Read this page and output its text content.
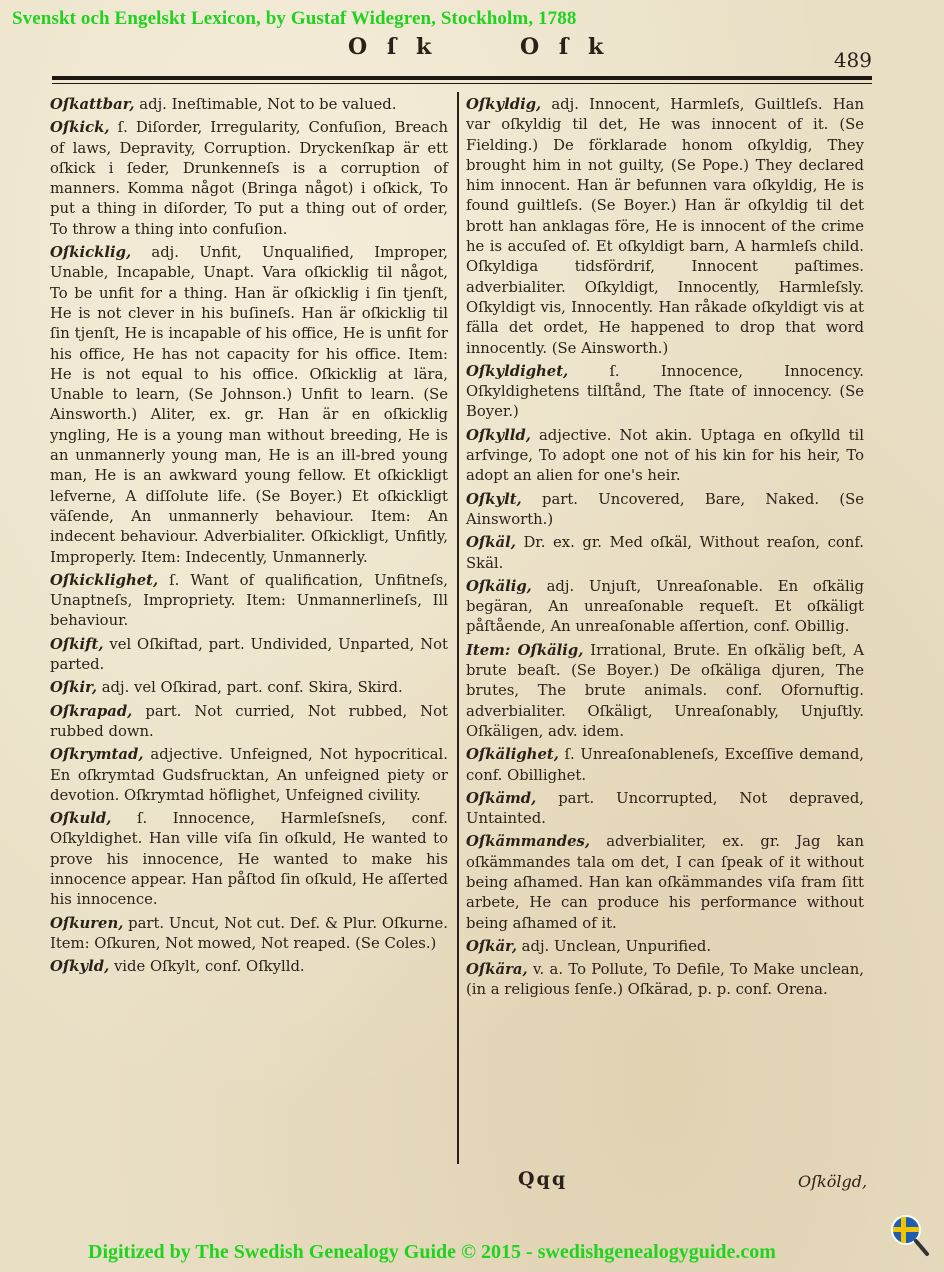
Svenskt och Engelskt Lexicon, by Gustaf Widegren, Stockholm, 1788
O ſ k	O ſ k	489

Oſkattbar, adj. Ineſtimable, Not to be valued.

Oſkick, ſ. Diſorder, Irregularity, Confuſion, Breach of laws, Depravity, Corruption. Dryckenſkap är ett oſkick i ſeder, Drunkenneſs is a corruption of manners. Komma något (Bringa något) i oſkick, To put a thing in diſorder, To put a thing out of order, To throw a thing into confuſion.

Oſkicklig, adj. Unfit, Unqualified, Improper, Unable, Incapable, Unapt. Vara oſkicklig til något, To be unfit for a thing. Han är oſkicklig i ſin tjenſt, He is not clever in his buſineſs. Han är oſkicklig til ſin tjenſt, He is incapable of his office, He is unfit for his office, He has not capacity for his office. Item: He is not equal to his office. Oſkicklig at lära, Unable to learn, (Se Johnson.) Unfit to learn. (Se Ainsworth.) Aliter, ex. gr. Han är en oſkicklig yngling, He is a young man without breeding, He is an unmannerly young man, He is an ill-bred young man, He is an awkward young fellow. Et oſkickligt lefverne, A diſſolute life. (Se Boyer.) Et oſkickligt väſende, An unmannerly behaviour. Item: An indecent behaviour. Adverbialiter. Oſkickligt, Unfitly, Improperly. Item: Indecently, Unmannerly.

Oſkicklighet, ſ. Want of qualification, Unfitneſs, Unaptneſs, Impropriety. Item: Unmannerlineſs, Ill behaviour.

Oſkift, vel Oſkiftad, part. Undivided, Unparted, Not parted.

Oſkir, adj. vel Oſkirad, part. conf. Skira, Skird.

Oſkrapad, part. Not curried, Not rubbed, Not rubbed down.

Oſkrymtad, adjective. Unfeigned, Not hypocritical. En oſkrymtad Gudsfrucktan, An unfeigned piety or devotion. Oſkrymtad höflighet, Unfeigned civility.

Oſkuld, ſ. Innocence, Harmleſsneſs, conf. Oſkyldighet. Han ville viſa ſin oſkuld, He wanted to prove his innocence, He wanted to make his innocence appear. Han påſtod ſin oſkuld, He aſſerted his innocence.

Oſkuren, part. Uncut, Not cut. Def. & Plur. Oſkurne. Item: Oſkuren, Not mowed, Not reaped. (Se Coles.)

Oſkyld, vide Oſkylt, conf. Oſkylld.

Oſkyldig, adj. Innocent, Harmleſs, Guiltleſs. Han var oſkyldig til det, He was innocent of it. (Se Fielding.) De förklarade honom oſkyldig, They brought him in not guilty, (Se Pope.) They declared him innocent. Han är befunnen vara oſkyldig, He is found guiltleſs. (Se Boyer.) Han är oſkyldig til det brott han anklagas före, He is innocent of the crime he is accuſed of. Et oſkyldigt barn, A harmleſs child. Oſkyldiga tidsfördrif, Innocent paſtimes. adverbialiter. Oſkyldigt, Innocently, Harmleſsly. Oſkyldigt vis, Innocently. Han råkade oſkyldigt vis at fälla det ordet, He happened to drop that word innocently. (Se Ainsworth.)

Oſkyldighet, ſ. Innocence, Innocency. Oſkyldighetens tilſtånd, The ſtate of innocency. (Se Boyer.)

Oſkylld, adjective. Not akin. Uptaga en oſkylld til arfvinge, To adopt one not of his kin for his heir, To adopt an alien for one's heir.

Oſkylt, part. Uncovered, Bare, Naked. (Se Ainsworth.)

Oſkäl, Dr. ex. gr. Med oſkäl, Without reaſon, conf. Skäl.

Oſkälig, adj. Unjuſt, Unreaſonable. En oſkälig begäran, An unreaſonable requeſt. Et oſkäligt påſtående, An unreaſonable aſſertion, conf. Obillig.

Item: Oſkälig, Irrational, Brute. En oſkälig beſt, A brute beaſt. (Se Boyer.) De oſkäliga djuren, The brutes, The brute animals. conf. Ofornuftig. adverbialiter. Oſkäligt, Unreaſonably, Unjuſtly. Oſkäligen, adv. idem.

Oſkälighet, ſ. Unreaſonableneſs, Exceſſive demand, conf. Obillighet.

Oſkämd, part. Uncorrupted, Not depraved, Untainted.

Oſkämmandes, adverbialiter, ex. gr. Jag kan oſkämmandes tala om det, I can ſpeak of it without being aſhamed. Han kan oſkämmandes viſa fram ſitt arbete, He can produce his performance without being aſhamed of it.

Oſkär, adj. Unclean, Unpurified.

Oſkära, v. a. To Pollute, To Defile, To Make unclean, (in a religious ſenſe.) Oſkärad, p. p. conf. Orena.

Qqq	Oſkölgd,
Digitized by The Swedish Genealogy Guide © 2015 - swedishgenealogyguide.com
